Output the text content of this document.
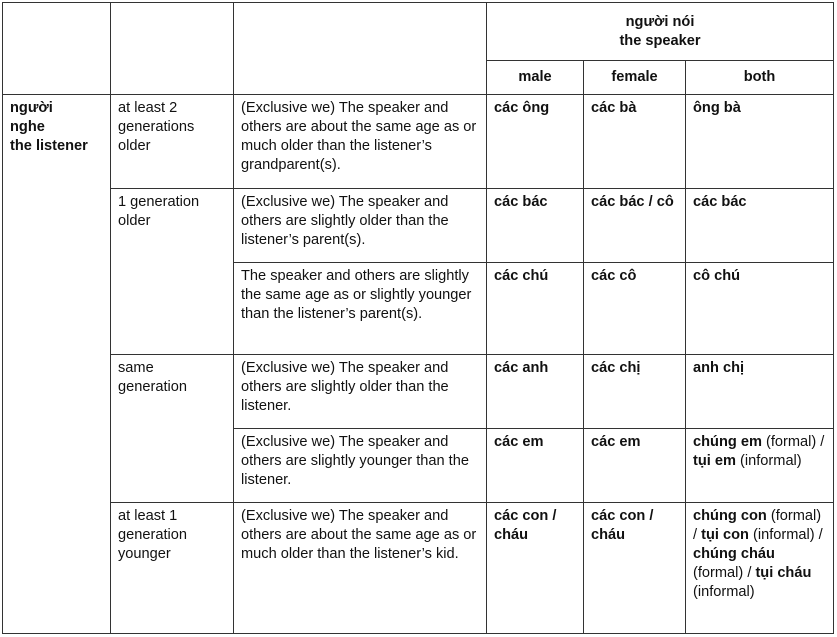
			người nói
the speaker		
			male	female	both
người
nghe
the listener	at least 2 generations older	(Exclusive we) The speaker and others are about the same age as or much older than the listener’s grandparent(s).	các ông	các bà	ông bà
	1 generation older	(Exclusive we) The speaker and others are slightly older than the listener’s parent(s).	các bác	các bác / cô	các bác
		The speaker and others are slightly the same age as or slightly younger than the listener’s parent(s).	các chú	các cô	cô chú
	same generation	(Exclusive we) The speaker and others are slightly older than the listener.	các anh	các chị	anh chị
		(Exclusive we) The speaker and others are slightly younger than the listener.	các em	các em	chúng em (formal) / tụi em (informal)
	at least 1 generation younger	(Exclusive we) The speaker and others are about the same age as or much older than the listener’s kid.	các con / cháu	các con / cháu	chúng con (formal) / tụi con (informal) / chúng cháu (formal) / tụi cháu (informal)
